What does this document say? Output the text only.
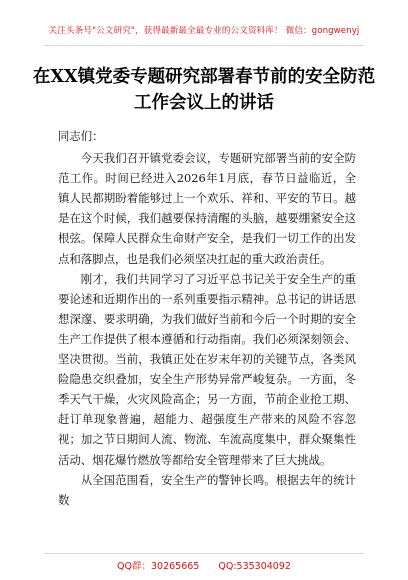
关注头条号"公文研究"，获得最新最全最专业的公文资料库！ 微信：gongwenyj
在XX镇党委专题研究部署春节前的安全防范工作会议上的讲话

同志们：

今天我们召开镇党委会议，专题研究部署当前的安全防范工作。时间已经进入2026年1月底，春节日益临近，全镇人民都期盼着能够过上一个欢乐、祥和、平安的节日。越是在这个时候，我们越要保持清醒的头脑，越要绷紧安全这根弦。保障人民群众生命财产安全，是我们一切工作的出发点和落脚点，也是我们必须坚决扛起的重大政治责任。

刚才，我们共同学习了习近平总书记关于安全生产的重要论述和近期作出的一系列重要指示精神。总书记的讲话思想深邃、要求明确，为我们做好当前和今后一个时期的安全生产工作提供了根本遵循和行动指南。我们必须深刻领会、坚决贯彻。当前，我镇正处在岁末年初的关键节点，各类风险隐患交织叠加，安全生产形势异常严峻复杂。一方面，冬季天气干燥，火灾风险高企；另一方面，节前企业抢工期、赶订单现象普遍，超能力、超强度生产带来的风险不容忽视；加之节日期间人流、物流、车流高度集中，群众聚集性活动、烟花爆竹燃放等都给安全管理带来了巨大挑战。

从全国范围看，安全生产的警钟长鸣。根据去年的统计数

QQ群：30265665 QQ:535304092
